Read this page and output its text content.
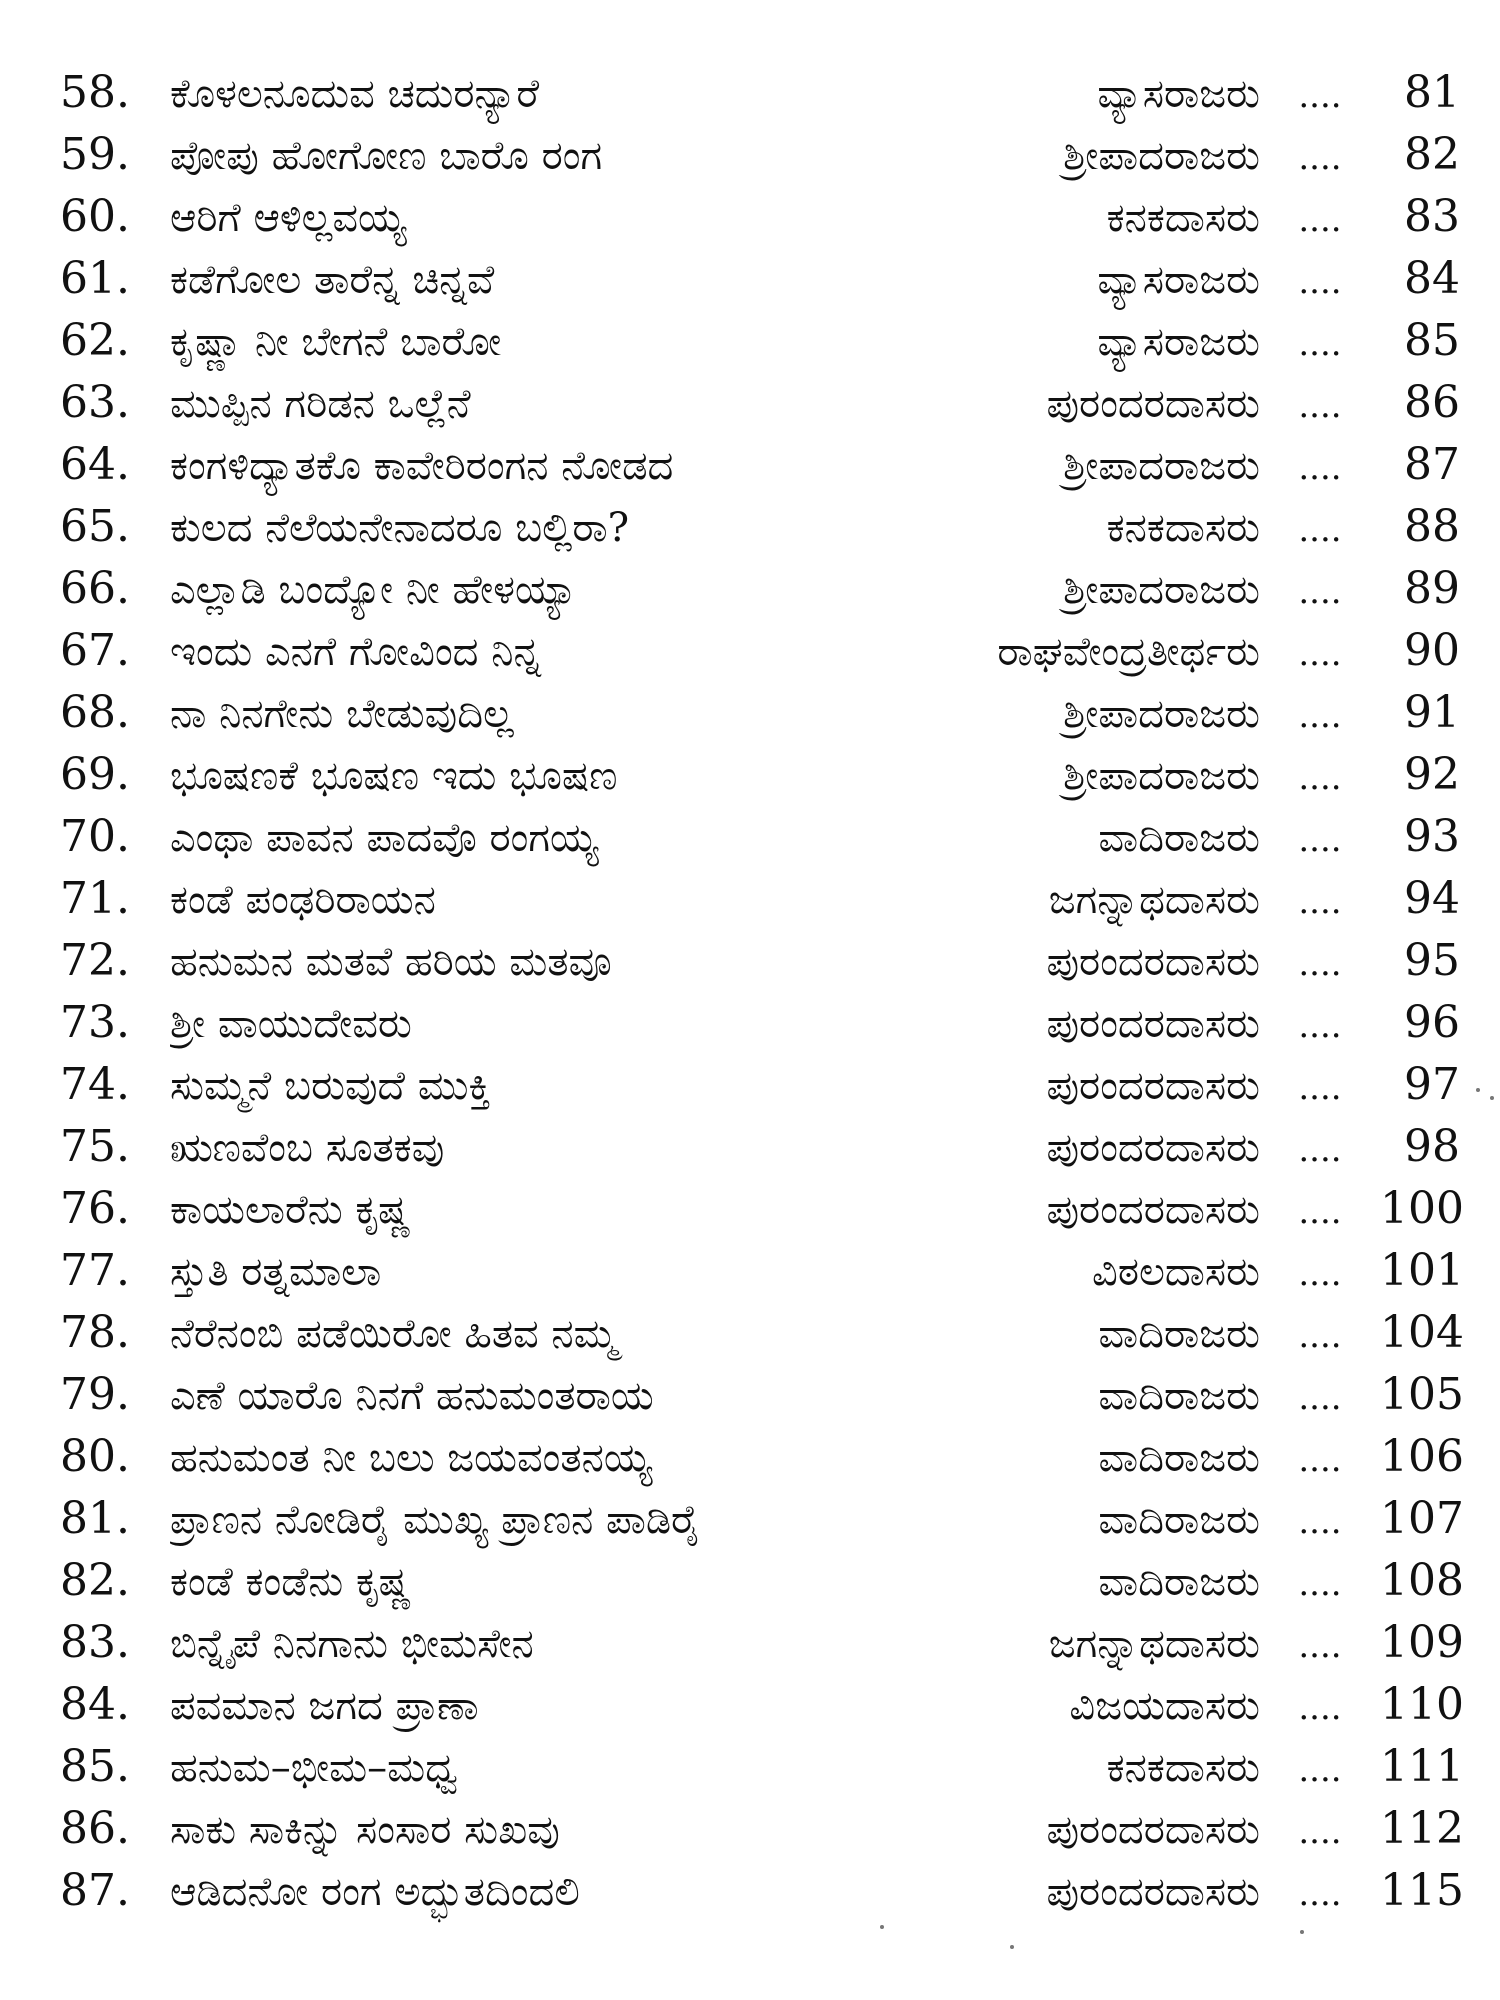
58.	ಕೊಳಲನೂದುವ ಚದುರನ್ಯಾರೆ	ವ್ಯಾಸರಾಜರು	....	81
59.	ಪೋಪು ಹೋಗೋಣ ಬಾರೊ ರಂಗ	ಶ್ರೀಪಾದರಾಜರು	....	82
60.	ಆರಿಗೆ ಆಳಿಲ್ಲವಯ್ಯ	ಕನಕದಾಸರು	....	83
61.	ಕಡೆಗೋಲ ತಾರೆನ್ನ ಚಿನ್ನವೆ	ವ್ಯಾಸರಾಜರು	....	84
62.	ಕೃಷ್ಣಾ ನೀ ಬೇಗನೆ ಬಾರೋ	ವ್ಯಾಸರಾಜರು	....	85
63.	ಮುಪ್ಪಿನ ಗರಿಡನ ಒಲ್ಲೆನೆ	ಪುರಂದರದಾಸರು	....	86
64.	ಕಂಗಳಿದ್ಯಾತಕೊ ಕಾವೇರಿರಂಗನ ನೋಡದ	ಶ್ರೀಪಾದರಾಜರು	....	87
65.	ಕುಲದ ನೆಲೆಯನೇನಾದರೂ ಬಲ್ಲಿರಾ?	ಕನಕದಾಸರು	....	88
66.	ಎಲ್ಲಾಡಿ ಬಂದ್ಯೋ ನೀ ಹೇಳಯ್ಯಾ	ಶ್ರೀಪಾದರಾಜರು	....	89
67.	ಇಂದು ಎನಗೆ ಗೋವಿಂದ ನಿನ್ನ	ರಾಘವೇಂದ್ರತೀರ್ಥರು	....	90
68.	ನಾ ನಿನಗೇನು ಬೇಡುವುದಿಲ್ಲ	ಶ್ರೀಪಾದರಾಜರು	....	91
69.	ಭೂಷಣಕೆ ಭೂಷಣ ಇದು ಭೂಷಣ	ಶ್ರೀಪಾದರಾಜರು	....	92
70.	ಎಂಥಾ ಪಾವನ ಪಾದವೊ ರಂಗಯ್ಯ	ವಾದಿರಾಜರು	....	93
71.	ಕಂಡೆ ಪಂಢರಿರಾಯನ	ಜಗನ್ನಾಥದಾಸರು	....	94
72.	ಹನುಮನ ಮತವೆ ಹರಿಯ ಮತವೂ	ಪುರಂದರದಾಸರು	....	95
73.	ಶ್ರೀ ವಾಯುದೇವರು	ಪುರಂದರದಾಸರು	....	96
74.	ಸುಮ್ಮನೆ ಬರುವುದೆ ಮುಕ್ತಿ	ಪುರಂದರದಾಸರು	....	97
75.	ಋಣವೆಂಬ ಸೂತಕವು	ಪುರಂದರದಾಸರು	....	98
76.	ಕಾಯಲಾರೆನು ಕೃಷ್ಣ	ಪುರಂದರದಾಸರು	.... 100
77.	ಸ್ತುತಿ ರತ್ನಮಾಲಾ	ವಿಠಲದಾಸರು	.... 101
78.	ನೆರೆನಂಬಿ ಪಡೆಯಿರೋ ಹಿತವ ನಮ್ಮ	ವಾದಿರಾಜರು	.... 104
79.	ಎಣೆ ಯಾರೊ ನಿನಗೆ ಹನುಮಂತರಾಯ	ವಾದಿರಾಜರು	.... 105
80.	ಹನುಮಂತ ನೀ ಬಲು ಜಯವಂತನಯ್ಯ	ವಾದಿರಾಜರು	.... 106
81.	ಪ್ರಾಣನ ನೋಡಿರೈ ಮುಖ್ಯ ಪ್ರಾಣನ ಪಾಡಿರೈ	ವಾದಿರಾಜರು	.... 107
82.	ಕಂಡೆ ಕಂಡೆನು ಕೃಷ್ಣ	ವಾದಿರಾಜರು	.... 108
83.	ಬಿನ್ನೈಪೆ ನಿನಗಾನು ಭೀಮಸೇನ	ಜಗನ್ನಾಥದಾಸರು	.... 109
84.	ಪವಮಾನ ಜಗದ ಪ್ರಾಣಾ	ವಿಜಯದಾಸರು	.... 110
85.	ಹನುಮ–ಭೀಮ–ಮಧ್ವ	ಕನಕದಾಸರು	.... 111
86.	ಸಾಕು ಸಾಕಿನ್ನು ಸಂಸಾರ ಸುಖವು	ಪುರಂದರದಾಸರು	.... 112
87.	ಆಡಿದನೋ ರಂಗ ಅದ್ಭುತದಿಂದಲಿ	ಪುರಂದರದಾಸರು	.... 115
